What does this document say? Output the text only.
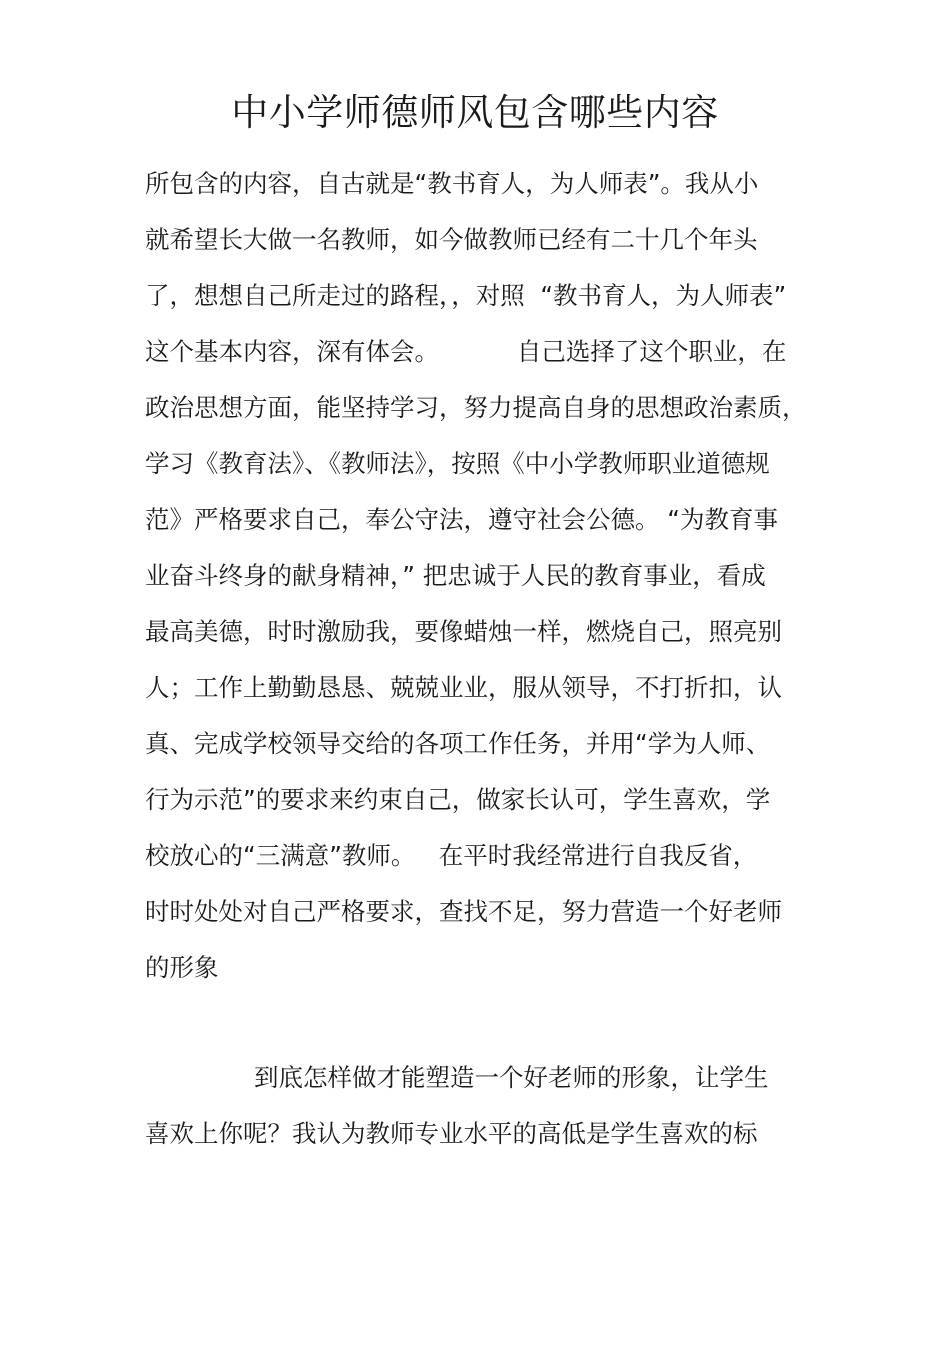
中小学师德师风包含哪些内容

所包含的内容，自古就是“教书育人，为人师表”。我从小

就希望长大做一名教师，如今做教师已经有二十几个年头

了，想想自己所走过的路程，，对照  “教书育人，为人师表”

这个基本内容，深有体会。          自己选择了这个职业，在

政治思想方面，能坚持学习，努力提高自身的思想政治素质，

学习《教育法》、《教师法》，按照《中小学教师职业道德规

范》严格要求自己，奉公守法，遵守社会公德。 “为教育事

业奋斗终身的献身精神，” 把忠诚于人民的教育事业，看成

最高美德，时时激励我，要像蜡烛一样，燃烧自己，照亮别

人；工作上勤勤恳恳、兢兢业业，服从领导，不打折扣，认

真、完成学校领导交给的各项工作任务，并用“学为人师、

行为示范”的要求来约束自己，做家长认可，学生喜欢，学

校放心的“三满意”教师。   在平时我经常进行自我反省，

时时处处对自己严格要求，查找不足，努力营造一个好老师

的形象

到底怎样做才能塑造一个好老师的形象，让学生

喜欢上你呢？我认为教师专业水平的高低是学生喜欢的标
